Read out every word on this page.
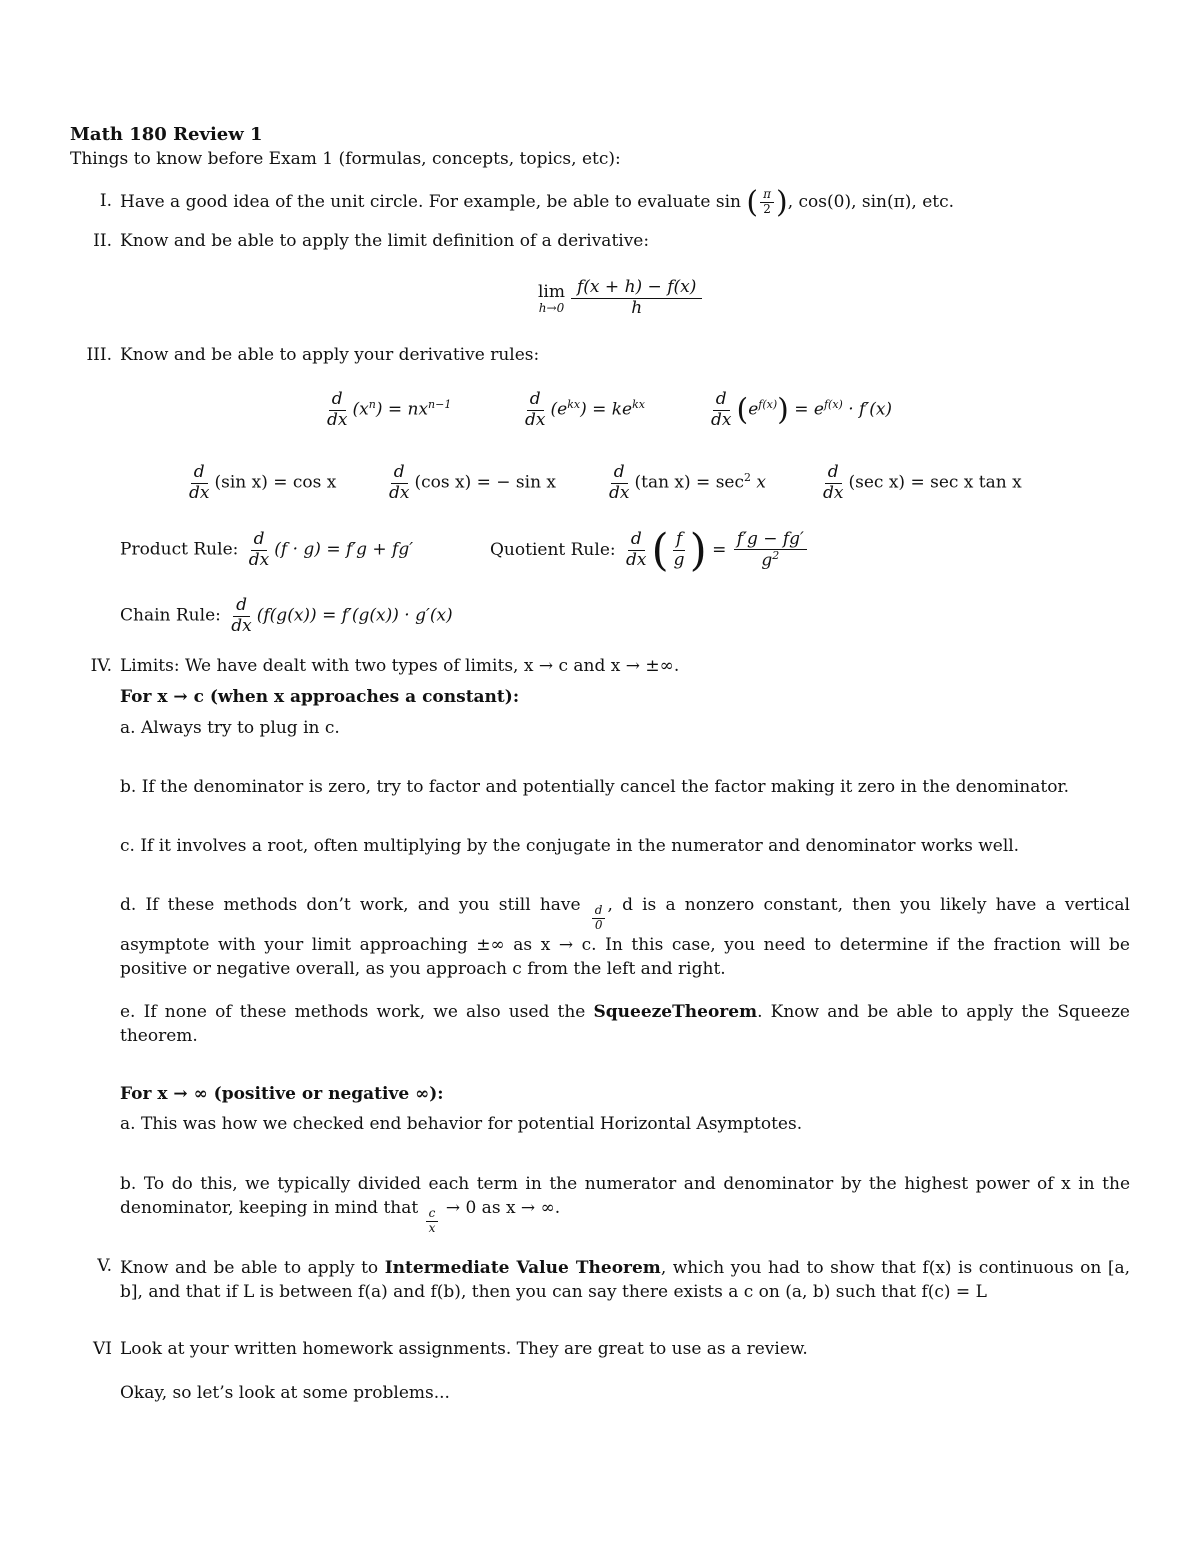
Math 180 Review 1
Things to know before Exam 1 (formulas, concepts, topics, etc):
I. Have a good idea of the unit circle. For example, be able to evaluate sin ( $\frac{\pi}{2}$ ), cos(0), sin(π), etc.
II. Know and be able to apply the limit definition of a derivative:
lim
$h\to 0 \frac{f(x + h) - f(x)}{h}$
III. Know and be able to apply your derivative rules:
$\frac{d}{dx} (x^n) = nx^{n-1}$	$\frac{d}{dx} (e^{kx}) = ke^{kx}$	$\frac{d}{dx} (e^{f(x)}) = e^{f(x)} \cdot f'(x)$
$\frac{d}{dx} (\sin$ x) = cos x	$\frac{d}{dx} (\cos$ x) = − sin x	$\frac{d}{dx} (\tan$ $x) = \sec^2 x$	$\frac{d}{dx} (\sec$ x) = sec x tan x
Product Rule: $\frac{d}{dx} (f \cdot g) = f'g + fg'$	Quotient Rule: $\frac{d}{dx}$ ( $\frac{f}{g}$ ) = $\frac{f'g - fg'}{g^2}$
Chain Rule: $\frac{d}{dx} (f(g(x)) = f'(g(x)) \cdot g'(x)$
IV. Limits: We have dealt with two types of limits, x → c and x → ±∞.
For x → c (when x approaches a constant):
a. Always try to plug in c.
b. If the denominator is zero, try to factor and potentially cancel the factor making it zero in the denominator.
c. If it involves a root, often multiplying by the conjugate in the numerator and denominator works well.
d. If these methods don’t work, and you still have $\frac{d}{0}$ , d is a nonzero constant, then you likely have a vertical asymptote with your limit approaching ±∞ as x → c. In this case, you need to determine if the fraction will be positive or negative overall, as you approach c from the left and right.
e. If none of these methods work, we also used the SqueezeTheorem. Know and be able to apply the Squeeze theorem.
For x → ∞ (positive or negative ∞):
a. This was how we checked end behavior for potential Horizontal Asymptotes.
b. To do this, we typically divided each term in the numerator and denominator by the highest power of x in the denominator, keeping in mind that $\frac{c}{x} \to 0$ as x → ∞.
V. Know and be able to apply to Intermediate Value Theorem, which you had to show that f(x) is continuous on [a, b], and that if L is between f(a) and f(b), then you can say there exists a c on (a, b) such that f(c) = L
VI Look at your written homework assignments. They are great to use as a review.
Okay, so let’s look at some problems...
